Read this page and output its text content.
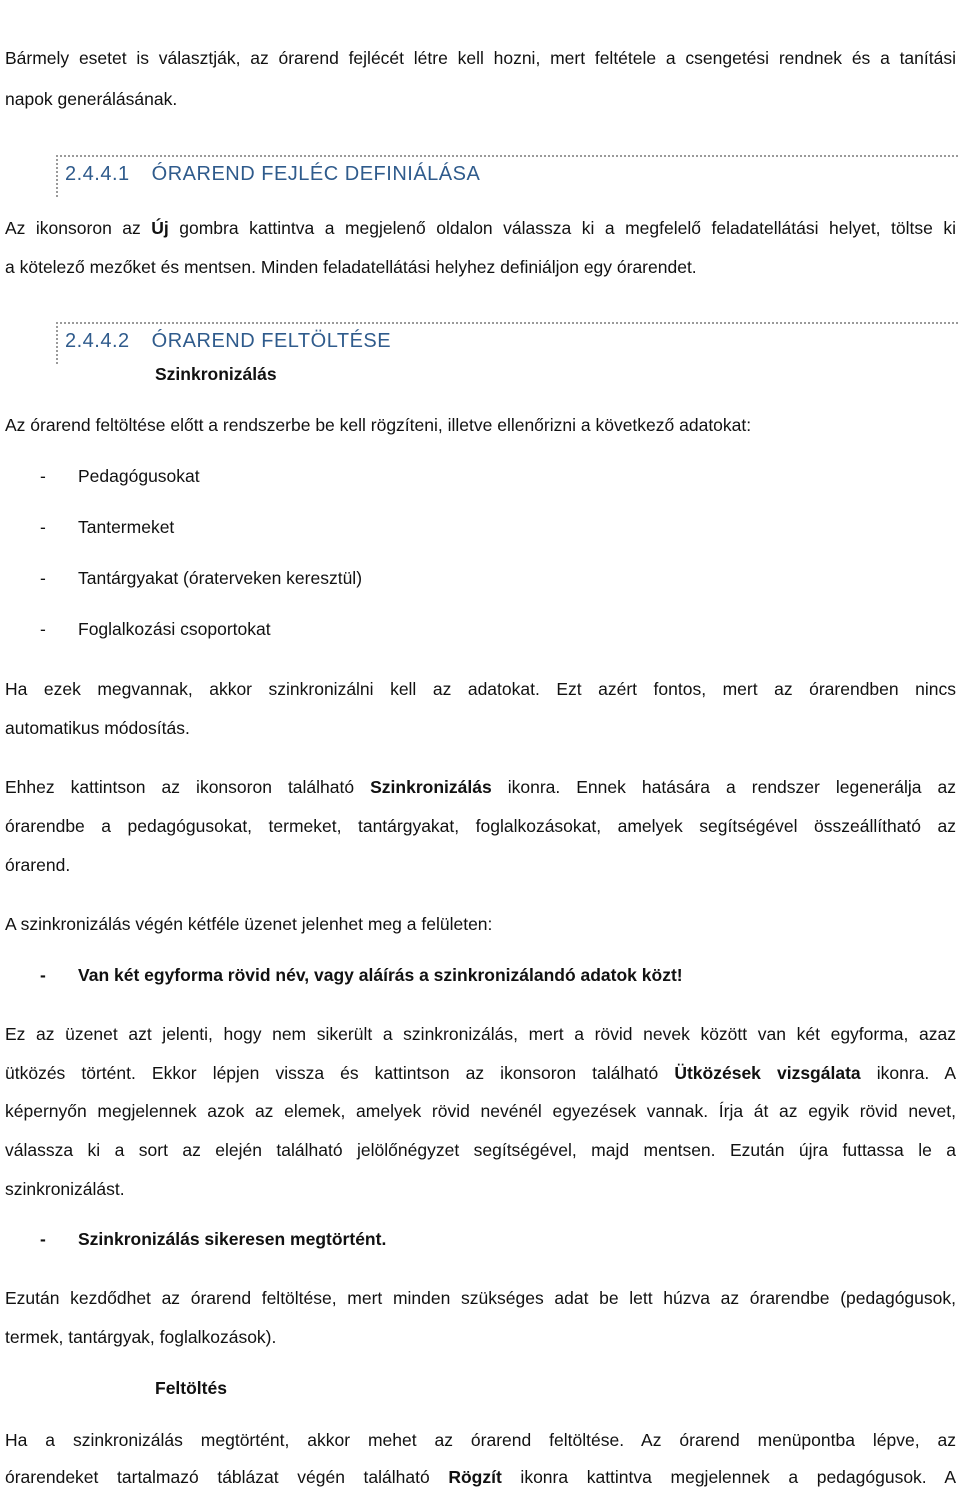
Bármely esetet is választják, az órarend fejlécét létre kell hozni, mert feltétele a csengetési rendnek és a tanítási
napok generálásának.
2.4.4.1 ÓRAREND FEJLÉC DEFINIÁLÁSA
Az ikonsoron az Új gombra kattintva a megjelenő oldalon válassza ki a megfelelő feladatellátási helyet, töltse ki
a kötelező mezőket és mentsen. Minden feladatellátási helyhez definiáljon egy órarendet.
2.4.4.2 ÓRAREND FELTÖLTÉSE
Szinkronizálás
Az órarend feltöltése előtt a rendszerbe be kell rögzíteni, illetve ellenőrizni a következő adatokat:
- Pedagógusokat
- Tantermeket
- Tantárgyakat (óraterveken keresztül)
- Foglalkozási csoportokat
Ha ezek megvannak, akkor szinkronizálni kell az adatokat. Ezt azért fontos, mert az órarendben nincs
automatikus módosítás.
Ehhez kattintson az ikonsoron található Szinkronizálás ikonra. Ennek hatására a rendszer legenerálja az
órarendbe a pedagógusokat, termeket, tantárgyakat, foglalkozásokat, amelyek segítségével összeállítható az
órarend.
A szinkronizálás végén kétféle üzenet jelenhet meg a felületen:
- Van két egyforma rövid név, vagy aláírás a szinkronizálandó adatok közt!
Ez az üzenet azt jelenti, hogy nem sikerült a szinkronizálás, mert a rövid nevek között van két egyforma, azaz
ütközés történt. Ekkor lépjen vissza és kattintson az ikonsoron található Ütközések vizsgálata ikonra. A
képernyőn megjelennek azok az elemek, amelyek rövid nevénél egyezések vannak. Írja át az egyik rövid nevet,
válassza ki a sort az elején található jelölőnégyzet segítségével, majd mentsen. Ezután újra futtassa le a
szinkronizálást.
- Szinkronizálás sikeresen megtörtént.
Ezután kezdődhet az órarend feltöltése, mert minden szükséges adat be lett húzva az órarendbe (pedagógusok,
termek, tantárgyak, foglalkozások).
Feltöltés
Ha a szinkronizálás megtörtént, akkor mehet az órarend feltöltése. Az órarend menüpontba lépve, az
órarendeket tartalmazó táblázat végén található Rögzít ikonra kattintva megjelennek a pedagógusok. A
